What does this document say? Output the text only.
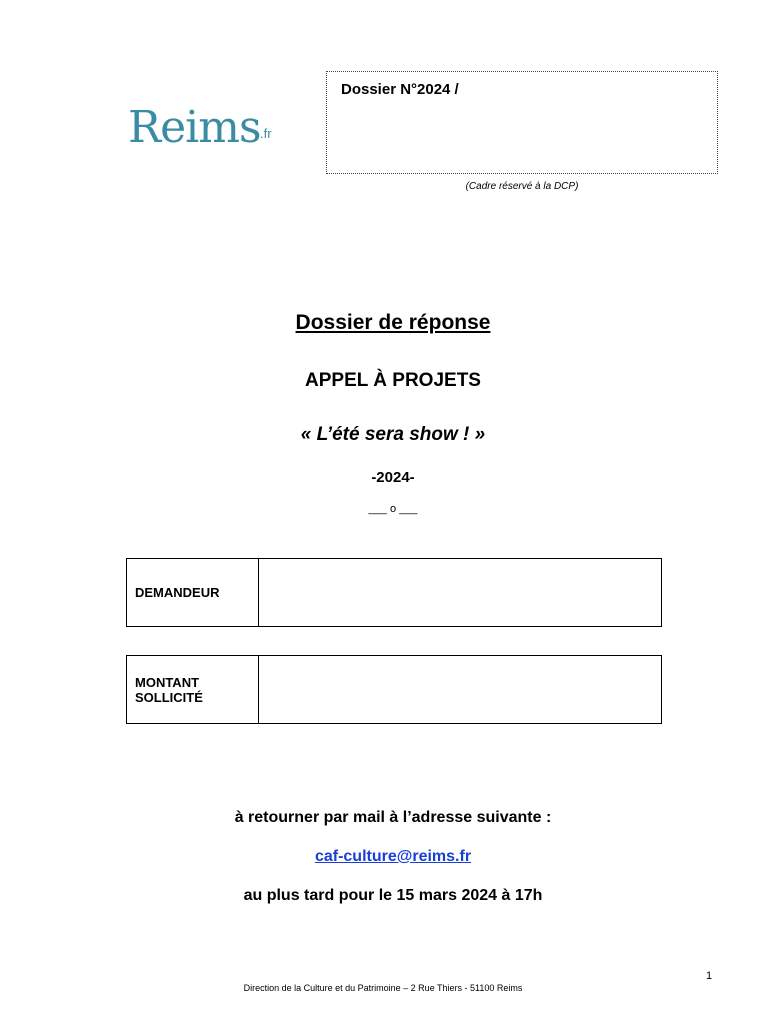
Reims .fr
Dossier N°2024 /
(Cadre réservé à la DCP)
Dossier de réponse
APPEL À PROJETS
« L’été sera show ! »
-2024-
___ o ___
DEMANDEUR
MONTANT SOLLICITÉ
à retourner par mail à l’adresse suivante :
caf-culture@reims.fr
au plus tard pour le 15 mars 2024 à 17h
1
Direction de la Culture et du Patrimoine – 2 Rue Thiers - 51100 Reims
